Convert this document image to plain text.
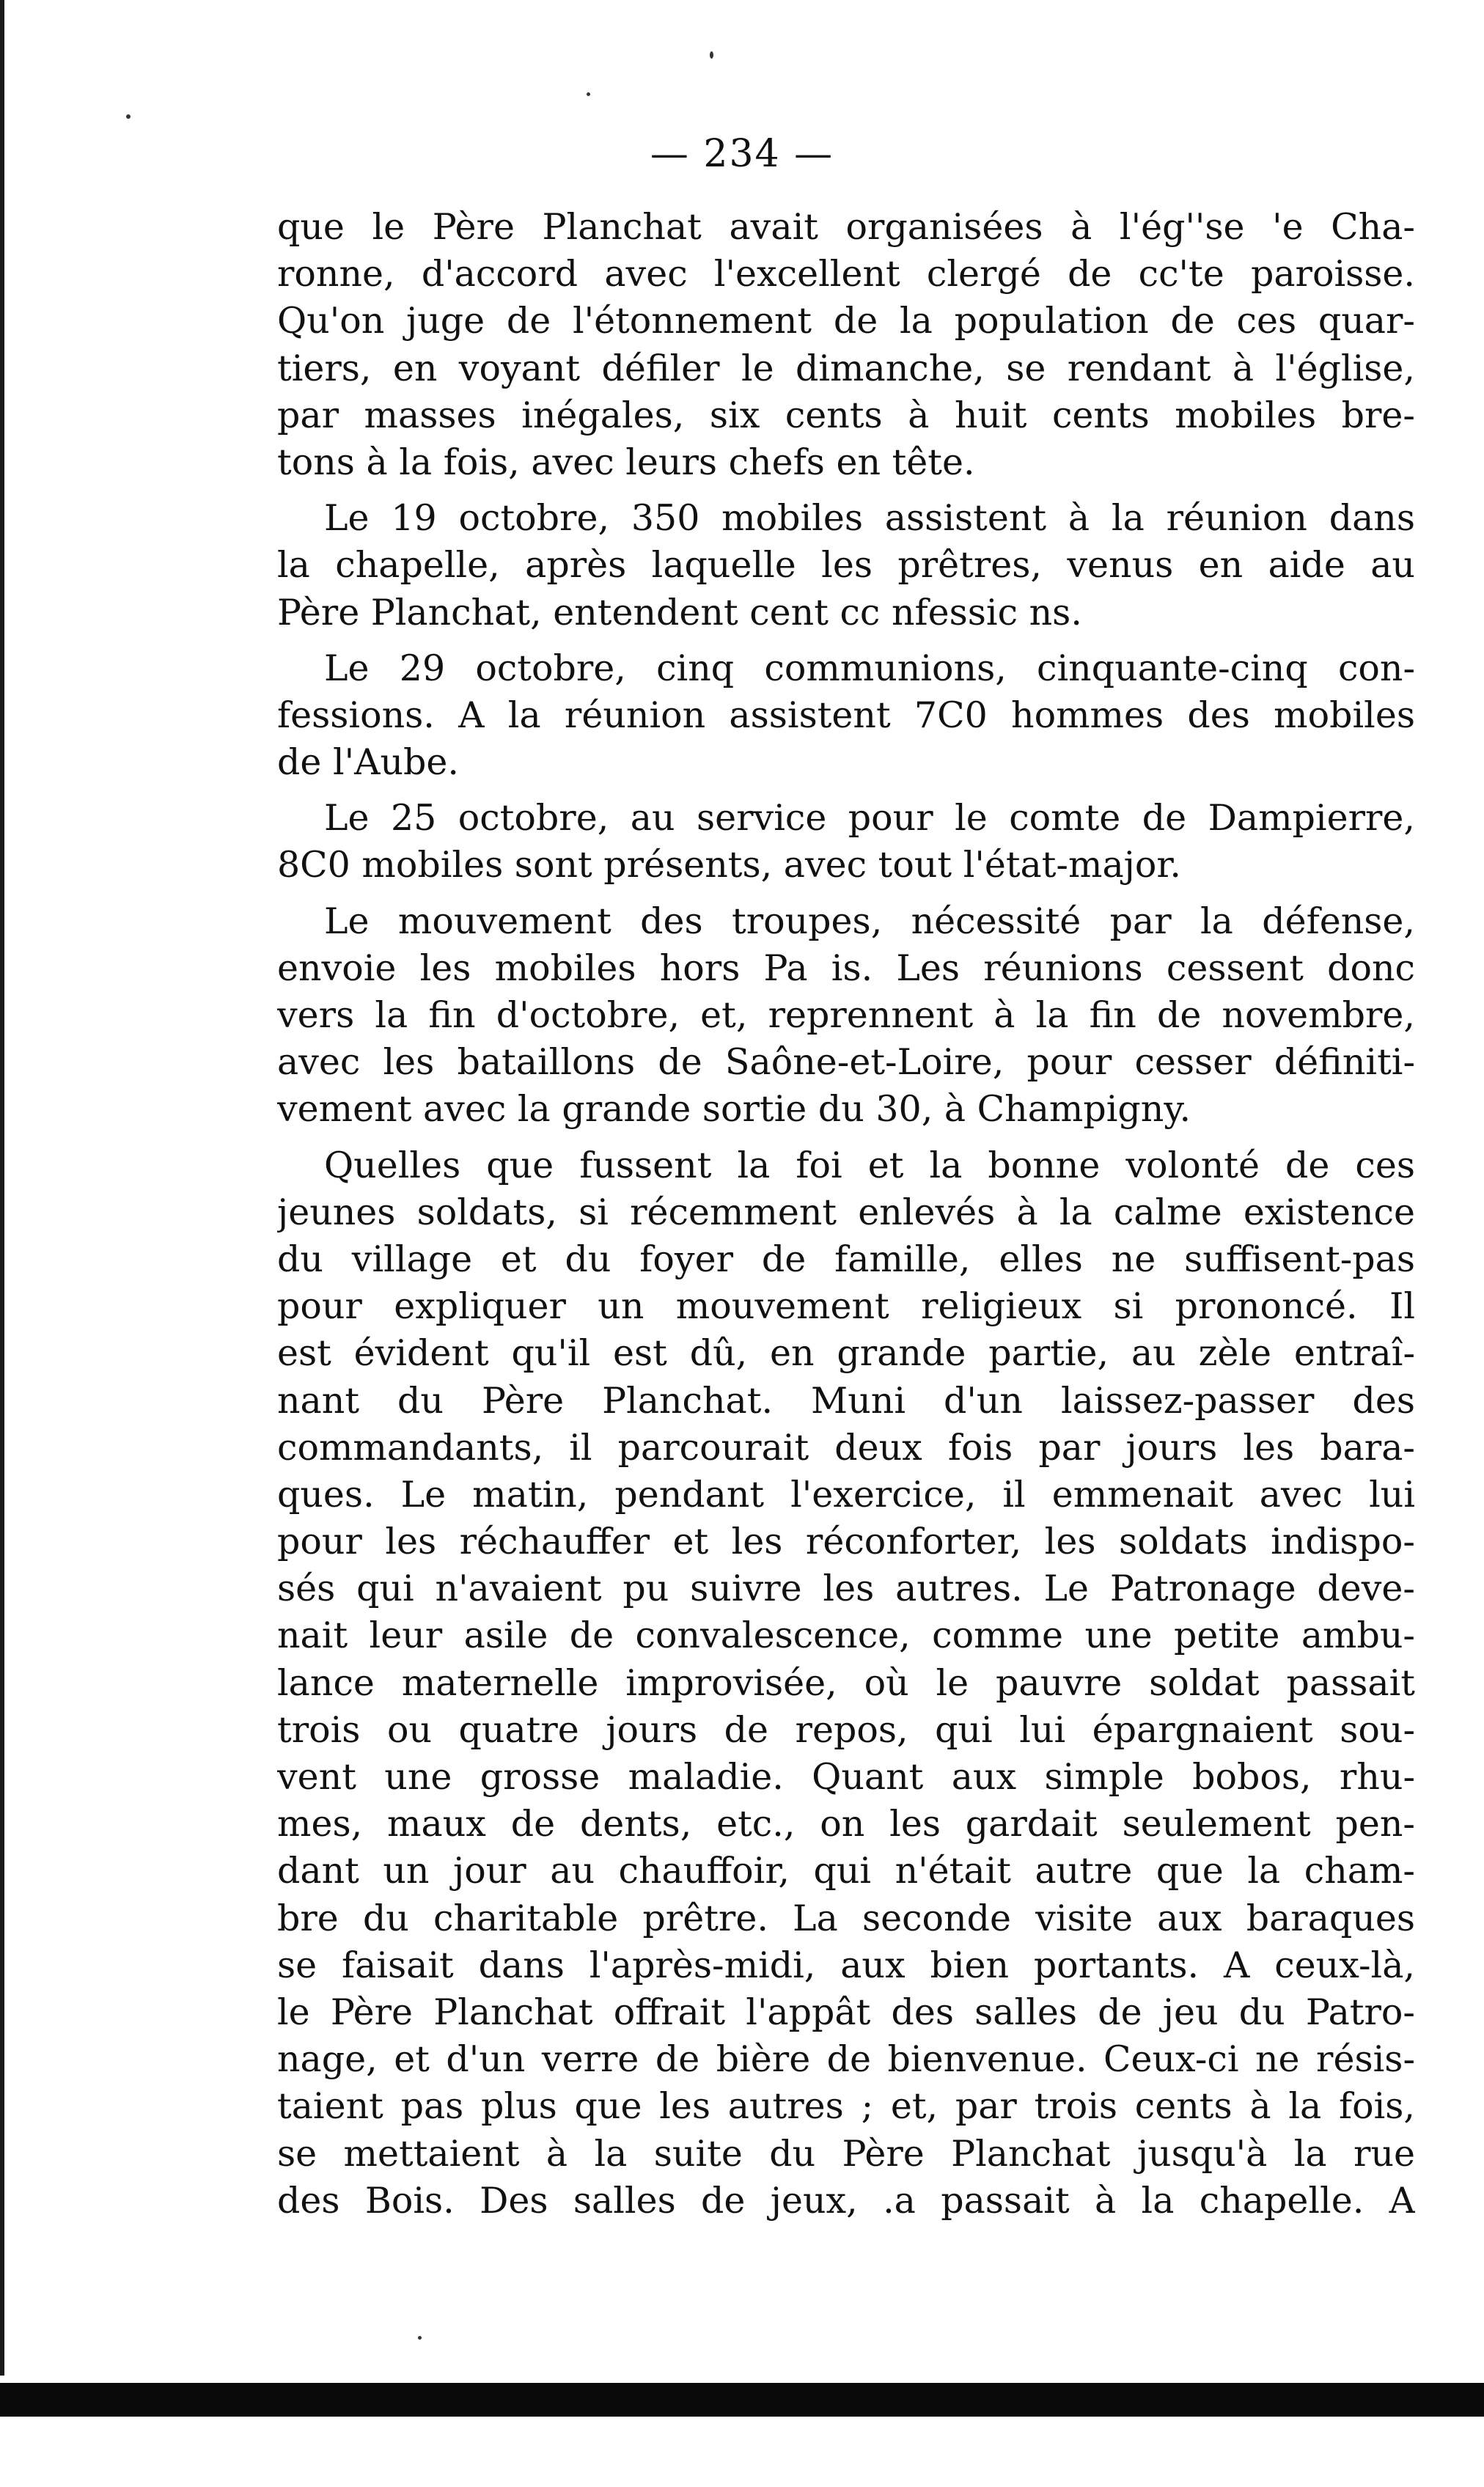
— 234 —
que le Père Planchat avait organisées à l'ég''se 'e Cha-
ronne, d'accord avec l'excellent clergé de cc'te paroisse.
Qu'on juge de l'étonnement de la population de ces quar-
tiers, en voyant défiler le dimanche, se rendant à l'église,
par masses inégales, six cents à huit cents mobiles bre-
tons à la fois, avec leurs chefs en tête.
Le 19 octobre, 350 mobiles assistent à la réunion dans
la chapelle, après laquelle les prêtres, venus en aide au
Père Planchat, entendent cent cc nfessic ns.
Le 29 octobre, cinq communions, cinquante-cinq con-
fessions. A la réunion assistent 7C0 hommes des mobiles
de l'Aube.
Le 25 octobre, au service pour le comte de Dampierre,
8C0 mobiles sont présents, avec tout l'état-major.
Le mouvement des troupes, nécessité par la défense,
envoie les mobiles hors Pa is. Les réunions cessent donc
vers la fin d'octobre, et, reprennent à la fin de novembre,
avec les bataillons de Saône-et-Loire, pour cesser définiti-
vement avec la grande sortie du 30, à Champigny.
Quelles que fussent la foi et la bonne volonté de ces
jeunes soldats, si récemment enlevés à la calme existence
du village et du foyer de famille, elles ne suffisent-pas
pour expliquer un mouvement religieux si prononcé. Il
est évident qu'il est dû, en grande partie, au zèle entraî-
nant du Père Planchat. Muni d'un laissez-passer des
commandants, il parcourait deux fois par jours les bara-
ques. Le matin, pendant l'exercice, il emmenait avec lui
pour les réchauffer et les réconforter, les soldats indispo-
sés qui n'avaient pu suivre les autres. Le Patronage deve-
nait leur asile de convalescence, comme une petite ambu-
lance maternelle improvisée, où le pauvre soldat passait
trois ou quatre jours de repos, qui lui épargnaient sou-
vent une grosse maladie. Quant aux simple bobos, rhu-
mes, maux de dents, etc., on les gardait seulement pen-
dant un jour au chauffoir, qui n'était autre que la cham-
bre du charitable prêtre. La seconde visite aux baraques
se faisait dans l'après-midi, aux bien portants. A ceux-là,
le Père Planchat offrait l'appât des salles de jeu du Patro-
nage, et d'un verre de bière de bienvenue. Ceux-ci ne résis-
taient pas plus que les autres ; et, par trois cents à la fois,
se mettaient à la suite du Père Planchat jusqu'à la rue
des Bois. Des salles de jeux, .a passait à la chapelle. A
